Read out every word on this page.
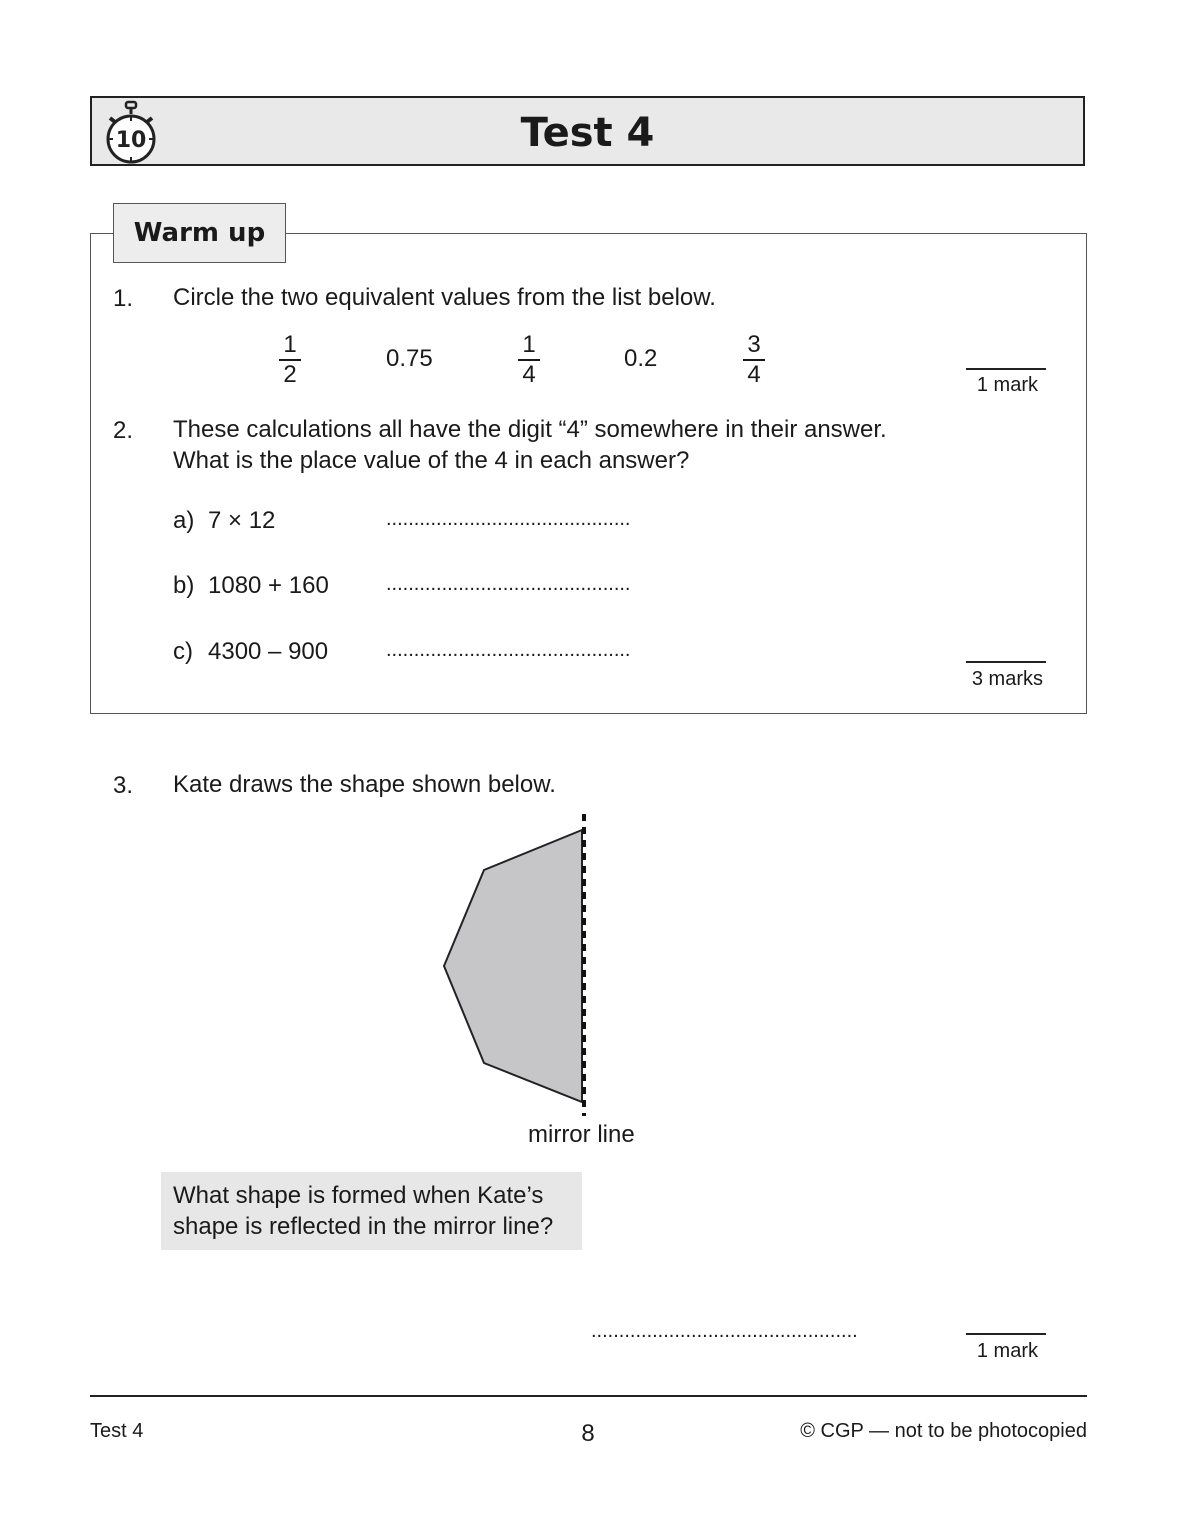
10	Test 4
Warm up
1. Circle the two equivalent values from the list below.
1
2
0.75
1
4
0.2
3
4	1 mark
2. These calculations all have the digit “4” somewhere in their answer.
What is the place value of the 4 in each answer?
a) 7 × 12	............................................
b) 1080 + 160	............................................
c) 4300 – 900	............................................
3 marks
3. Kate draws the shape shown below.
mirror line
What shape is formed when Kate’s
shape is reflected in the mirror line?
................................................
1 mark
Test 4	8	© CGP — not to be photocopied
